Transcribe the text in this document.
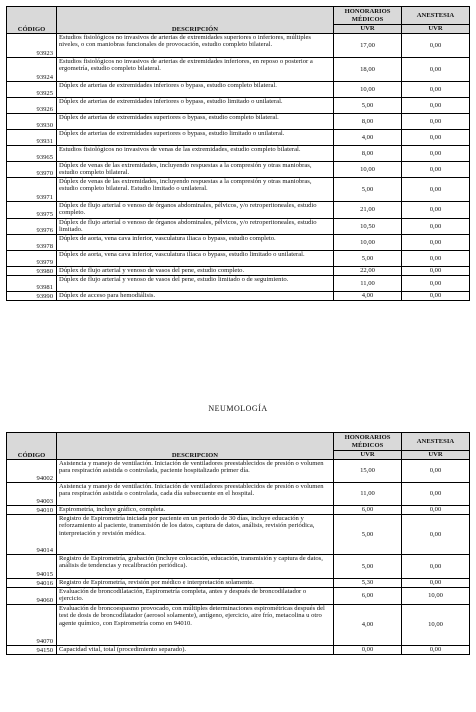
CÓDIGO	DESCRIPCIÓN	HONORARIOS MÉDICOS	ANESTESIA
		UVR	UVR
93923	Estudios fisiológicos no invasivos de arterias de extremidades superiores o inferiores, múltiples niveles, o con maniobras funcionales de provocación, estudio completo bilateral.	17,00	0,00
93924	Estudios fisiológicos no invasivos de arterias de extremidades inferiores, en reposo o posterior a ergometría, estudio completo bilateral.	18,00	0,00
93925	Dúplex de arterias de extremidades inferiores o bypass, estudio completo bilateral.	10,00	0,00
93926	Dúplex de arterias de extremidades inferiores o bypass, estudio limitado o unilateral.	5,00	0,00
93930	Dúplex de arterias de extremidades superiores o bypass, estudio completo bilateral.	8,00	0,00
93931	Dúplex de arterias de extremidades superiores o bypass, estudio limitado o unilateral.	4,00	0,00
93965	Estudios fisiológicos no invasivos de venas de las extremidades, estudio completo bilateral.	8,00	0,00
93970	Dúplex de venas de las extremidades, incluyendo respuestas a la compresión y otras maniobras, estudio completo bilateral.	10,00	0,00
93971	Dúplex de venas de las extremidades, incluyendo respuestas a la compresión y otras maniobras, estudio completo bilateral. Estudio limitado o unilateral.	5,00	0,00
93975	Dúplex de flujo arterial o venoso de órganos abdominales, pélvicos, y/o retroperitoneales, estudio completo.	21,00	0,00
93976	Dúplex de flujo arterial o venoso de órganos abdominales, pélvicos, y/o retroperitoneales, estudio limitado.	10,50	0,00
93978	Dúplex de aorta, vena cava inferior, vasculatura iliaca o bypass, estudio completo.	10,00	0,00
93979	Dúplex de aorta, vena cava inferior, vasculatura iliaca o bypass, estudio limitado o unilateral.	5,00	0,00
93980	Dúplex de flujo arterial y venoso de vasos del pene, estudio completo.	22,00	0,00
93981	Dúplex de flujo arterial y venoso de vasos del pene, estudio limitado o de seguimiento.	11,00	0,00
93990	Dúplex de acceso para hemodiálisis.	4,00	0,00
NEUMOLOGÍA
CÓDIGO	DESCRIPCION	HONORARIOS MÉDICOS	ANESTESIA
		UVR	UVR
94002	Asistencia y manejo de ventilación. Iniciación de ventiladores preestablecidos de presión o volumen para respiración asistida o controlada, paciente hospitalizado primer día.	15,00	0,00
94003	Asistencia y manejo de ventilación. Iniciación de ventiladores preestablecidos de presión o volumen para respiración asistida o controlada, cada día subsecuente en el hospital.	11,00	0,00
94010	Espirometría, incluye gráfico, completa.	6,00	0,00
94014	Registro de Espirometría iniciada por paciente en un periodo de 30 días, incluye educación y reforzamiento al paciente, transmisión de los datos, captura de datos, análisis, revisión periódica, interpretación y revisión médica.	5,00	0,00
94015	Registro de Espirometría, grabación (incluye colocación, educación, transmisión y captura de datos, análisis de tendencias y recalibración periódica).	5,00	0,00
94016	Registro de Espirometría, revisión por médico e interpretación solamente.	5,30	0,00
94060	Evaluación de broncodilatación, Espirometría completa, antes y después de broncodilatador o ejercicio.	6,00	10,00
94070	Evaluación de broncoespasmo provocado, con múltiples determinaciones espirométricas después del test de dosis de broncodilatador (aerosol solamente), antígeno, ejercicio, aire frío, metacolina u otro agente químico, con Espirometría como en 94010.	4,00	10,00
94150	Capacidad vital, total (procedimiento separado).	0,00	0,00
